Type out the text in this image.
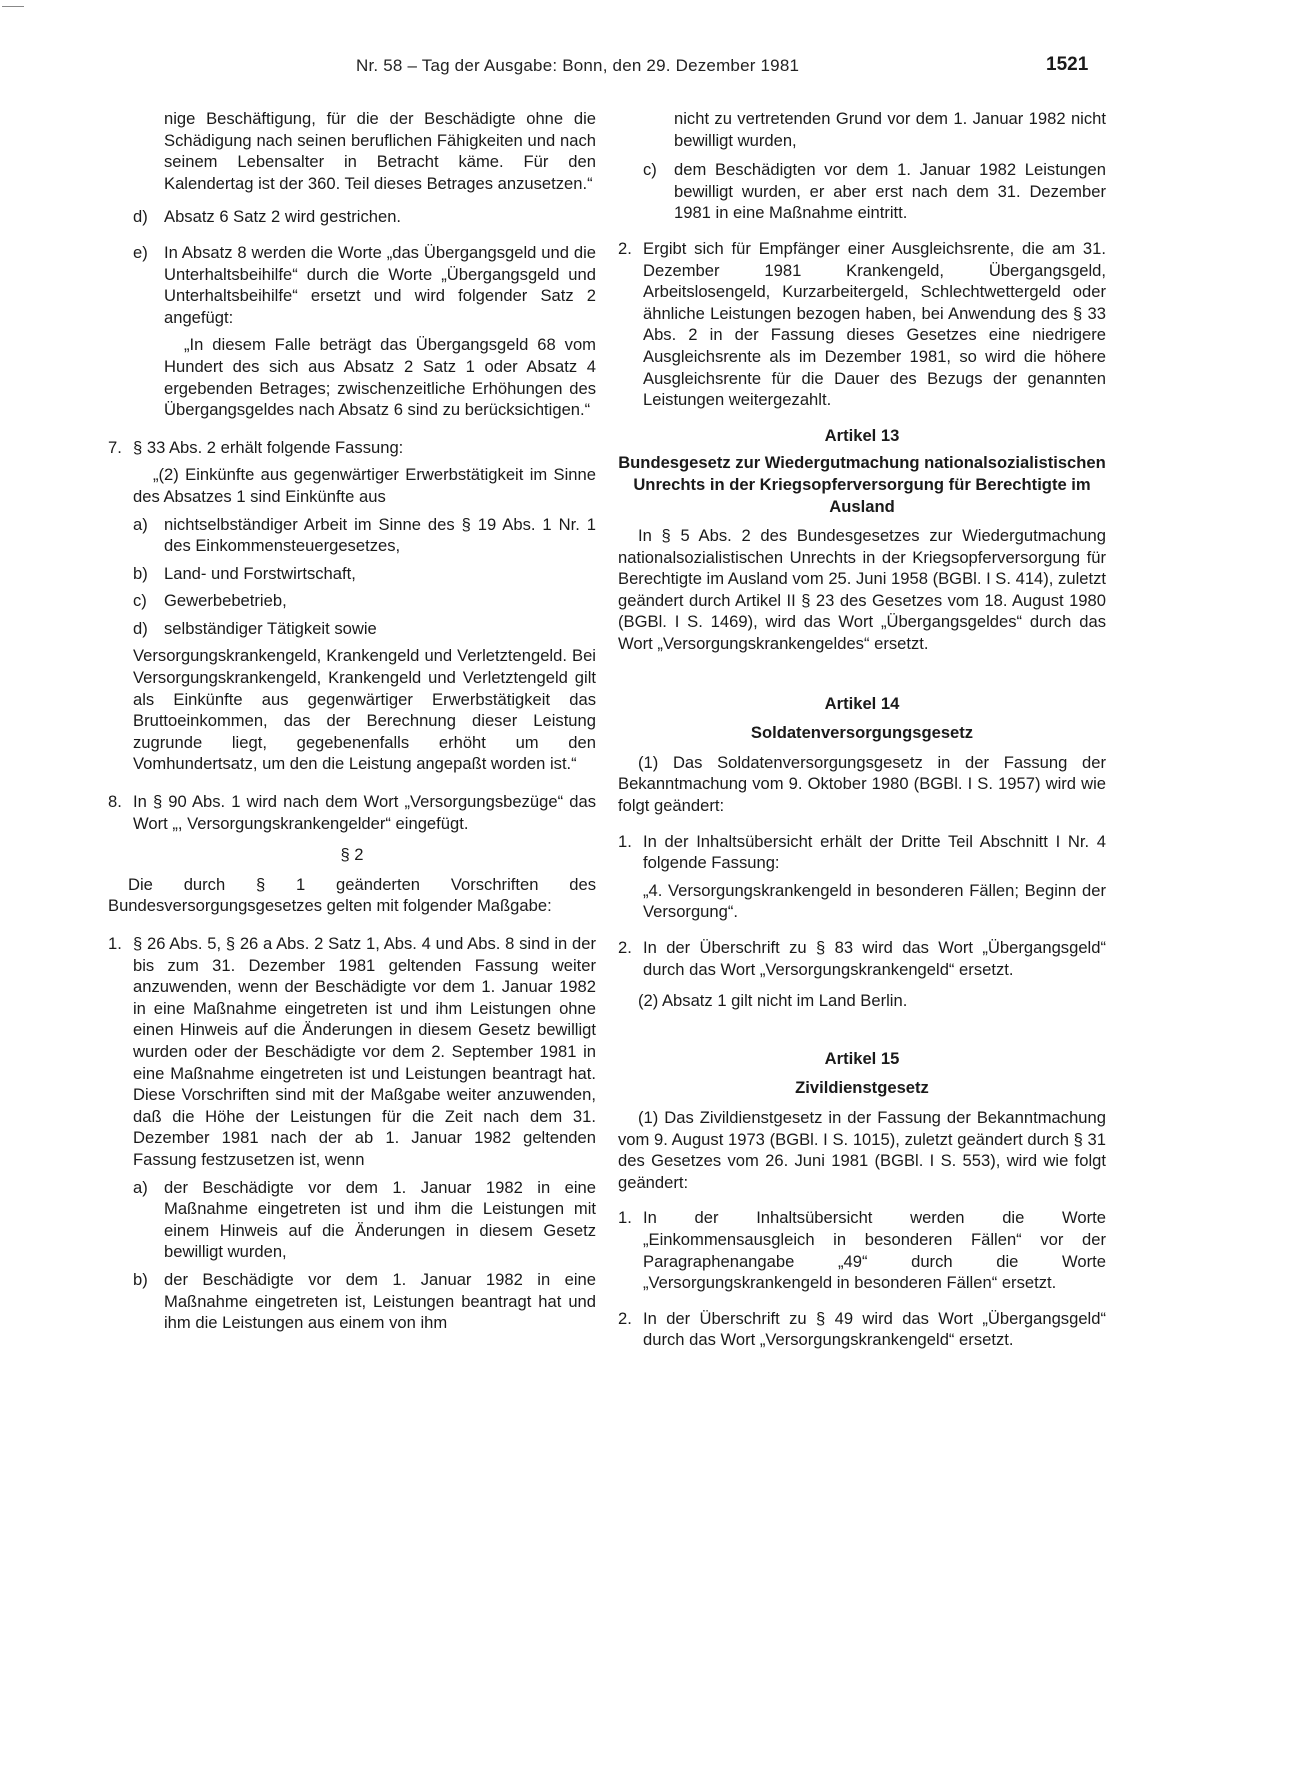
Nr. 58 – Tag der Ausgabe: Bonn, den 29. Dezember 1981	1521

nige Beschäftigung, für die der Beschädigte ohne die Schädigung nach seinen beruflichen Fähigkeiten und nach seinem Lebensalter in Betracht käme. Für den Kalendertag ist der 360. Teil dieses Betrages anzusetzen.“

d) Absatz 6 Satz 2 wird gestrichen.
e) In Absatz 8 werden die Worte „das Übergangsgeld und die Unterhaltsbeihilfe“ durch die Worte „Übergangsgeld und Unterhaltsbeihilfe“ ersetzt und wird folgender Satz 2 angefügt:

„In diesem Falle beträgt das Übergangsgeld 68 vom Hundert des sich aus Absatz 2 Satz 1 oder Absatz 4 ergebenden Betrages; zwischenzeitliche Erhöhungen des Übergangsgeldes nach Absatz 6 sind zu berücksichtigen.“

7. § 33 Abs. 2 erhält folgende Fassung:

„(2) Einkünfte aus gegenwärtiger Erwerbstätigkeit im Sinne des Absatzes 1 sind Einkünfte aus

a) nichtselbständiger Arbeit im Sinne des § 19 Abs. 1 Nr. 1 des Einkommensteuergesetzes,
b) Land- und Forstwirtschaft,
c)	Gewerbebetrieb,
d) selbständiger Tätigkeit sowie

Versorgungskrankengeld, Krankengeld und Verletztengeld. Bei Versorgungskrankengeld, Krankengeld und Verletztengeld gilt als Einkünfte aus gegenwärtiger Erwerbstätigkeit das Bruttoeinkommen, das der Berechnung dieser Leistung zugrunde liegt, gegebenenfalls erhöht um den Vomhundertsatz, um den die Leistung angepaßt worden ist.“

8. In § 90 Abs. 1 wird nach dem Wort „Versorgungsbezüge“ das Wort „, Versorgungskrankengelder“ eingefügt.

§ 2

Die durch § 1 geänderten Vorschriften des Bundesversorgungsgesetzes gelten mit folgender Maßgabe:

1. § 26 Abs. 5, § 26 a Abs. 2 Satz 1, Abs. 4 und Abs. 8 sind in der bis zum 31. Dezember 1981 geltenden Fassung weiter anzuwenden, wenn der Beschädigte vor dem 1. Januar 1982 in eine Maßnahme eingetreten ist und ihm Leistungen ohne einen Hinweis auf die Änderungen in diesem Gesetz bewilligt wurden oder der Beschädigte vor dem 2. September 1981 in eine Maßnahme eingetreten ist und Leistungen beantragt hat. Diese Vorschriften sind mit der Maßgabe weiter anzuwenden, daß die Höhe der Leistungen für die Zeit nach dem 31. Dezember 1981 nach der ab 1. Januar 1982 geltenden Fassung festzusetzen ist, wenn
a) der Beschädigte vor dem 1. Januar 1982 in eine Maßnahme eingetreten ist und ihm die Leistungen mit einem Hinweis auf die Änderungen in diesem Gesetz bewilligt wurden,
b) der Beschädigte vor dem 1. Januar 1982 in eine Maßnahme eingetreten ist, Leistungen beantragt hat und ihm die Leistungen aus einem von ihm

nicht zu vertretenden Grund vor dem 1. Januar 1982 nicht bewilligt wurden,

c)	dem Beschädigten vor dem 1. Januar 1982 Leistungen bewilligt wurden, er aber erst nach dem 31. Dezember 1981 in eine Maßnahme eintritt.
2. Ergibt sich für Empfänger einer Ausgleichsrente, die am 31. Dezember 1981 Krankengeld, Übergangsgeld, Arbeitslosengeld, Kurzarbeitergeld, Schlechtwettergeld oder ähnliche Leistungen bezogen haben, bei Anwendung des § 33 Abs. 2 in der Fassung dieses Gesetzes eine niedrigere Ausgleichsrente als im Dezember 1981, so wird die höhere Ausgleichsrente für die Dauer des Bezugs der genannten Leistungen weitergezahlt.

Artikel 13

Bundesgesetz zur Wiedergutmachung nationalsozialistischen Unrechts in der Kriegsopferversorgung für Berechtigte im Ausland

In § 5 Abs. 2 des Bundesgesetzes zur Wiedergutmachung nationalsozialistischen Unrechts in der Kriegsopferversorgung für Berechtigte im Ausland vom 25. Juni 1958 (BGBl. I S. 414), zuletzt geändert durch Artikel II § 23 des Gesetzes vom 18. August 1980 (BGBl. I S. 1469), wird das Wort „Übergangsgeldes“ durch das Wort „Versorgungskrankengeldes“ ersetzt.

Artikel 14

Soldatenversorgungsgesetz

(1) Das Soldatenversorgungsgesetz in der Fassung der Bekanntmachung vom 9. Oktober 1980 (BGBl. I S. 1957) wird wie folgt geändert:

1. In der Inhaltsübersicht erhält der Dritte Teil Abschnitt I Nr. 4 folgende Fassung:

„4. Versorgungskrankengeld in besonderen Fällen; Beginn der Versorgung“.

2. In der Überschrift zu § 83 wird das Wort „Übergangsgeld“ durch das Wort „Versorgungskrankengeld“ ersetzt.

(2) Absatz 1 gilt nicht im Land Berlin.

Artikel 15

Zivildienstgesetz

(1) Das Zivildienstgesetz in der Fassung der Bekanntmachung vom 9. August 1973 (BGBl. I S. 1015), zuletzt geändert durch § 31 des Gesetzes vom 26. Juni 1981 (BGBl. I S. 553), wird wie folgt geändert:

1. In der Inhaltsübersicht werden die Worte „Einkommensausgleich in besonderen Fällen“ vor der Paragraphenangabe „49“ durch die Worte „Versorgungskrankengeld in besonderen Fällen“ ersetzt.
2. In der Überschrift zu § 49 wird das Wort „Übergangsgeld“ durch das Wort „Versorgungskrankengeld“ ersetzt.
